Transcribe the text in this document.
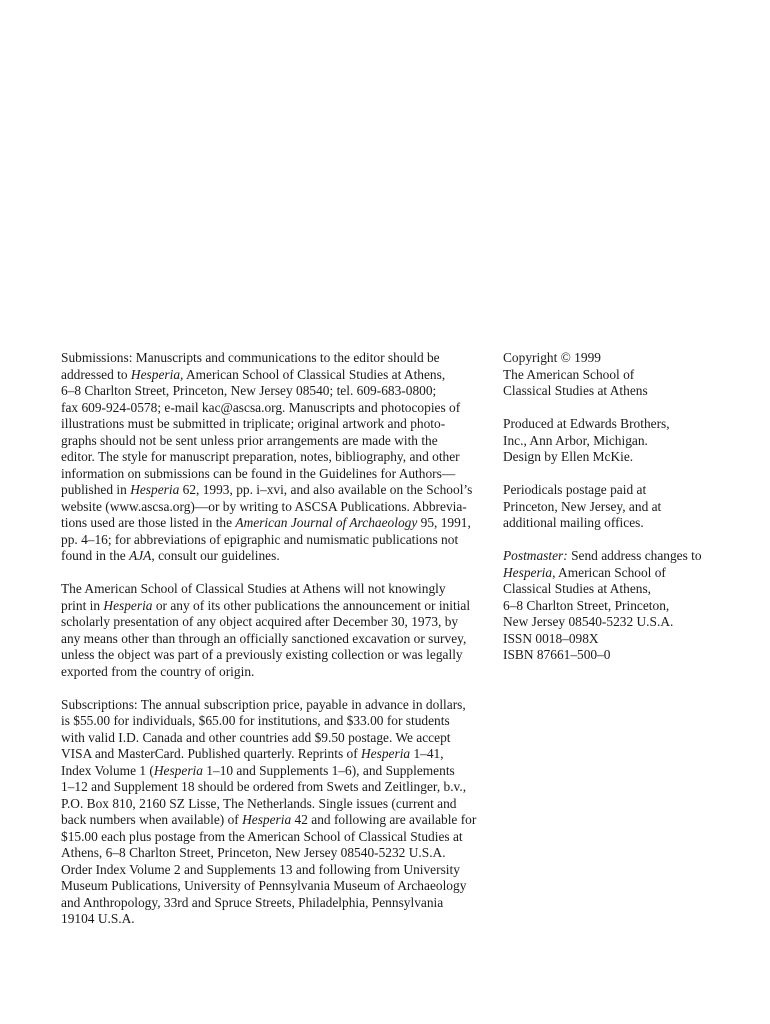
Submissions: Manuscripts and communications to the editor should be
addressed to Hesperia, American School of Classical Studies at Athens,
6–8 Charlton Street, Princeton, New Jersey 08540; tel. 609-683-0800;
fax 609-924-0578; e-mail kac@ascsa.org. Manuscripts and photocopies of
illustrations must be submitted in triplicate; original artwork and photo-
graphs should not be sent unless prior arrangements are made with the
editor. The style for manuscript preparation, notes, bibliography, and other
information on submissions can be found in the Guidelines for Authors—
published in Hesperia 62, 1993, pp. i–xvi, and also available on the School’s
website (www.ascsa.org)—or by writing to ASCSA Publications. Abbrevia-
tions used are those listed in the American Journal of Archaeology 95, 1991,
pp. 4–16; for abbreviations of epigraphic and numismatic publications not
found in the AJA, consult our guidelines.

The American School of Classical Studies at Athens will not knowingly
print in Hesperia or any of its other publications the announcement or initial
scholarly presentation of any object acquired after December 30, 1973, by
any means other than through an officially sanctioned excavation or survey,
unless the object was part of a previously existing collection or was legally
exported from the country of origin.

Subscriptions: The annual subscription price, payable in advance in dollars,
is $55.00 for individuals, $65.00 for institutions, and $33.00 for students
with valid I.D. Canada and other countries add $9.50 postage. We accept
VISA and MasterCard. Published quarterly. Reprints of Hesperia 1–41,
Index Volume 1 (Hesperia 1–10 and Supplements 1–6), and Supplements
1–12 and Supplement 18 should be ordered from Swets and Zeitlinger, b.v.,
P.O. Box 810, 2160 SZ Lisse, The Netherlands. Single issues (current and
back numbers when available) of Hesperia 42 and following are available for
$15.00 each plus postage from the American School of Classical Studies at
Athens, 6–8 Charlton Street, Princeton, New Jersey 08540-5232 U.S.A.
Order Index Volume 2 and Supplements 13 and following from University
Museum Publications, University of Pennsylvania Museum of Archaeology
and Anthropology, 33rd and Spruce Streets, Philadelphia, Pennsylvania
19104 U.S.A.

Copyright © 1999
The American School of
Classical Studies at Athens

Produced at Edwards Brothers,
Inc., Ann Arbor, Michigan.
Design by Ellen McKie.

Periodicals postage paid at
Princeton, New Jersey, and at
additional mailing offices.

Postmaster: Send address changes to
Hesperia, American School of
Classical Studies at Athens,
6–8 Charlton Street, Princeton,
New Jersey 08540-5232 U.S.A.
ISSN 0018–098X
ISBN 87661–500–0
